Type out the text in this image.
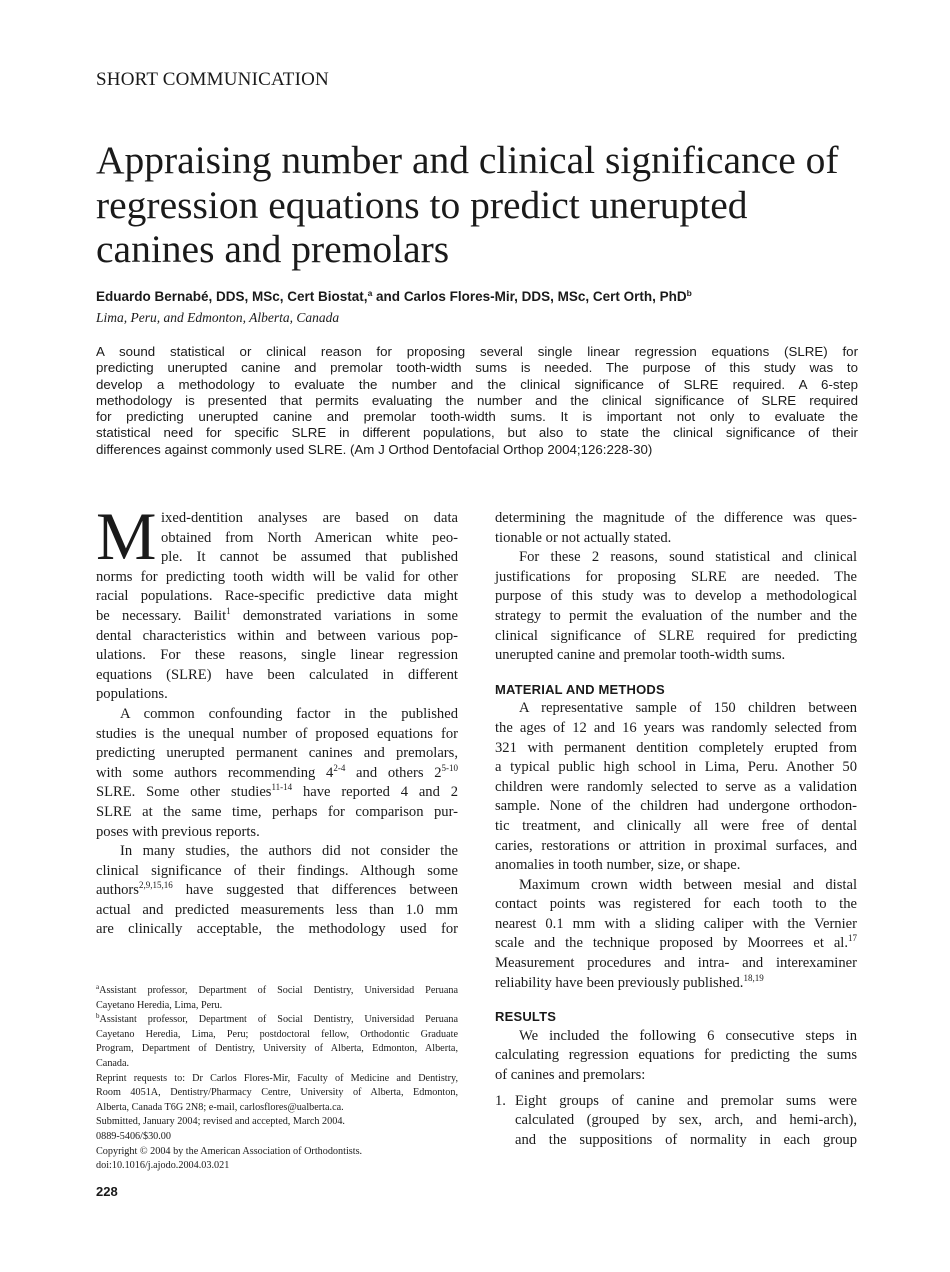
SHORT COMMUNICATION
Appraising number and clinical significance of
regression equations to predict unerupted
canines and premolars
Eduardo Bernabé, DDS, MSc, Cert Biostat,$^a$ and Carlos Flores-Mir, DDS, MSc, Cert Orth, PhD$^b$
Lima, Peru, and Edmonton, Alberta, Canada
A sound statistical or clinical reason for proposing several single linear regression equations (SLRE) for
predicting unerupted canine and premolar tooth-width sums is needed. The purpose of this study was to
develop a methodology to evaluate the number and the clinical significance of SLRE required. A 6-step
methodology is presented that permits evaluating the number and the clinical significance of SLRE required
for predicting unerupted canine and premolar tooth-width sums. It is important not only to evaluate the
statistical need for specific SLRE in different populations, but also to state the clinical significance of their
differences against commonly used SLRE. (Am J Orthod Dentofacial Orthop 2004;126:228-30)
M ixed-dentition analyses are based on data
obtained from North American white peo-
ple. It cannot be assumed that published
norms for predicting tooth width will be valid for other
racial populations. Race-specific predictive data might
be necessary. Bailit$^1$ demonstrated variations in some
dental characteristics within and between various pop-
ulations. For these reasons, single linear regression
equations (SLRE) have been calculated in different
populations.
A common confounding factor in the published
studies is the unequal number of proposed equations for
predicting unerupted permanent canines and premolars,
with some authors recommending 4$^{2-4}$ and others 2$^{5-10}$
SLRE. Some other studies$^{11-14}$ have reported 4 and 2
SLRE at the same time, perhaps for comparison pur-
poses with previous reports.
In many studies, the authors did not consider the
clinical significance of their findings. Although some
authors$^{2,9,15,16}$ have suggested that differences between
actual and predicted measurements less than 1.0 mm
are clinically acceptable, the methodology used for
$^a$Assistant professor, Department of Social Dentistry, Universidad Peruana
Cayetano Heredia, Lima, Peru.
$^b$Assistant professor, Department of Social Dentistry, Universidad Peruana
Cayetano Heredia, Lima, Peru; postdoctoral fellow, Orthodontic Graduate
Program, Department of Dentistry, University of Alberta, Edmonton, Alberta,
Canada.
Reprint requests to: Dr Carlos Flores-Mir, Faculty of Medicine and Dentistry,
Room 4051A, Dentistry/Pharmacy Centre, University of Alberta, Edmonton,
Alberta, Canada T6G 2N8; e-mail, carlosflores@ualberta.ca.
Submitted, January 2004; revised and accepted, March 2004.
0889-5406/$30.00
Copyright © 2004 by the American Association of Orthodontists.
doi:10.1016/j.ajodo.2004.03.021
228
determining the magnitude of the difference was ques-
tionable or not actually stated.
For these 2 reasons, sound statistical and clinical
justifications for proposing SLRE are needed. The
purpose of this study was to develop a methodological
strategy to permit the evaluation of the number and the
clinical significance of SLRE required for predicting
unerupted canine and premolar tooth-width sums.
MATERIAL AND METHODS
A representative sample of 150 children between
the ages of 12 and 16 years was randomly selected from
321 with permanent dentition completely erupted from
a typical public high school in Lima, Peru. Another 50
children were randomly selected to serve as a validation
sample. None of the children had undergone orthodon-
tic treatment, and clinically all were free of dental
caries, restorations or attrition in proximal surfaces, and
anomalies in tooth number, size, or shape.
Maximum crown width between mesial and distal
contact points was registered for each tooth to the
nearest 0.1 mm with a sliding caliper with the Vernier
scale and the technique proposed by Moorrees et al.$^{17}$
Measurement procedures and intra- and interexaminer
reliability have been previously published.$^{18,19}$
RESULTS
We included the following 6 consecutive steps in
calculating regression equations for predicting the sums
of canines and premolars:
1. Eight groups of canine and premolar sums were
calculated (grouped by sex, arch, and hemi-arch),
and the suppositions of normality in each group
